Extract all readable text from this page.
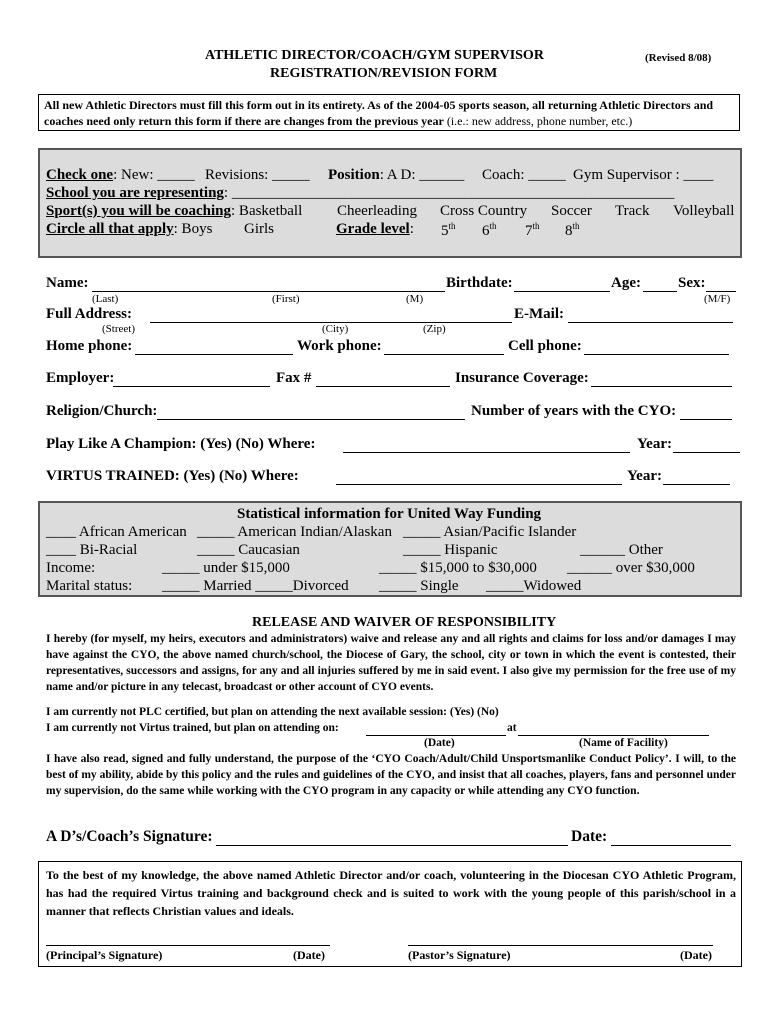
ATHLETIC DIRECTOR/COACH/GYM SUPERVISOR
REGISTRATION/REVISION FORM
(Revised 8/08)
All new Athletic Directors must fill this form out in its entirety. As of the 2004-05 sports season, all returning Athletic Directors and coaches need only return this form if there are changes from the previous year (i.e.: new address, phone number, etc.)
Check one: New: _____ Revisions: _____ Position: A D: ______ Coach: _____ Gym Supervisor : ____
School you are representing: ___________________________________________________________
Sport(s) you will be coaching: Basketball Cheerleading Cross Country Soccer Track Volleyball
Circle all that apply: Boys Girls	Grade level: 5th 6th 7th 8th
Name:	Birthdate:	Age: Sex:
(Last)	(First)	(M)	(M/F)
Full Address:	E-Mail:
(Street)	(City)	(Zip)
Home phone:	Work phone:	Cell phone:
Employer:	Fax #	Insurance Coverage:
Religion/Church:	Number of years with the CYO:
Play Like A Champion: (Yes) (No) Where:	Year:
VIRTUS TRAINED: (Yes) (No) Where:	Year:
Statistical information for United Way Funding
____ African American _____ American Indian/Alaskan _____ Asian/Pacific Islander
____ Bi-Racial	_____ Caucasian	_____ Hispanic	______ Other
Income:	_____ under $15,000	_____ $15,000 to $30,000 ______ over $30,000
Marital status: _____ Married _____Divorced _____ Single _____Widowed
RELEASE AND WAIVER OF RESPONSIBILITY
I hereby (for myself, my heirs, executors and administrators) waive and release any and all rights and claims for loss and/or damages I may have against the CYO, the above named church/school, the Diocese of Gary, the school, city or town in which the event is contested, their representatives, successors and assigns, for any and all injuries suffered by me in said event. I also give my permission for the free use of my name and/or picture in any telecast, broadcast or other account of CYO events.
I am currently not PLC certified, but plan on attending the next available session: (Yes) (No)
I am currently not Virtus trained, but plan on attending on:	at
(Date)	(Name of Facility)
I have also read, signed and fully understand, the purpose of the ‘CYO Coach/Adult/Child Unsportsmanlike Conduct Policy’. I will, to the best of my ability, abide by this policy and the rules and guidelines of the CYO, and insist that all coaches, players, fans and personnel under my supervision, do the same while working with the CYO program in any capacity or while attending any CYO function.
A D’s/Coach’s Signature:	Date:
To the best of my knowledge, the above named Athletic Director and/or coach, volunteering in the Diocesan CYO Athletic Program, has had the required Virtus training and background check and is suited to work with the young people of this parish/school in a manner that reflects Christian values and ideals.
(Principal’s Signature)	(Date)	(Pastor’s Signature)	(Date)
